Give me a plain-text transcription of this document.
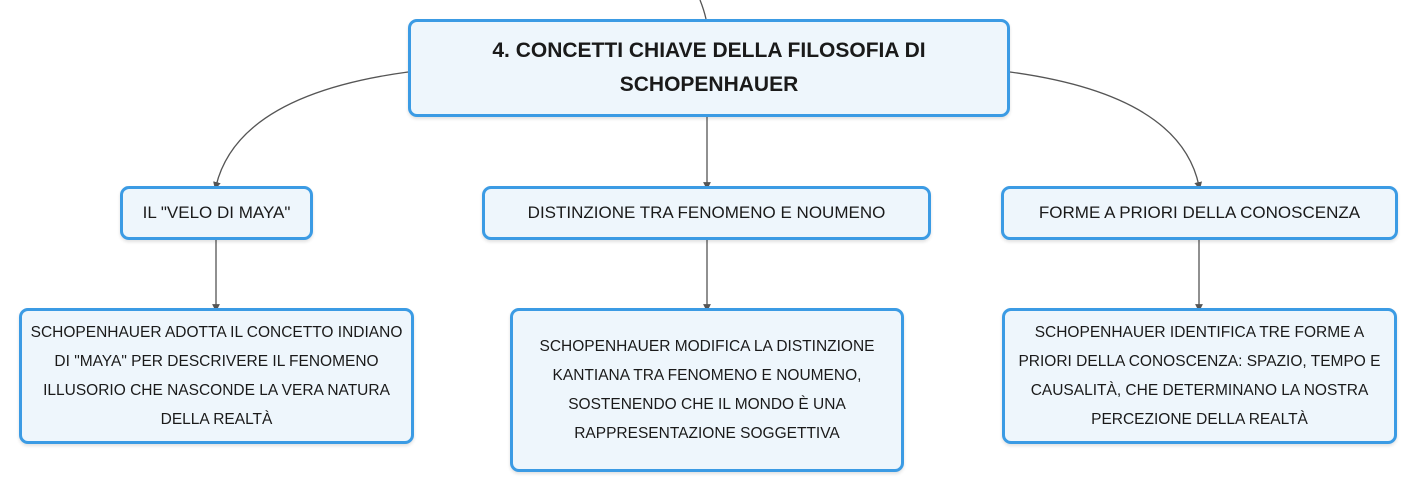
4. CONCETTI CHIAVE DELLA FILOSOFIA DI SCHOPENHAUER
IL "VELO DI MAYA"	DISTINZIONE TRA FENOMENO E NOUMENO	FORME A PRIORI DELLA CONOSCENZA
SCHOPENHAUER ADOTTA IL CONCETTO INDIANO DI "MAYA" PER DESCRIVERE IL FENOMENO ILLUSORIO CHE NASCONDE LA VERA NATURA DELLA REALTÀ
SCHOPENHAUER MODIFICA LA DISTINZIONE KANTIANA TRA FENOMENO E NOUMENO, SOSTENENDO CHE IL MONDO È UNA RAPPRESENTAZIONE SOGGETTIVA
SCHOPENHAUER IDENTIFICA TRE FORME A PRIORI DELLA CONOSCENZA: SPAZIO, TEMPO E CAUSALITÀ, CHE DETERMINANO LA NOSTRA PERCEZIONE DELLA REALTÀ
